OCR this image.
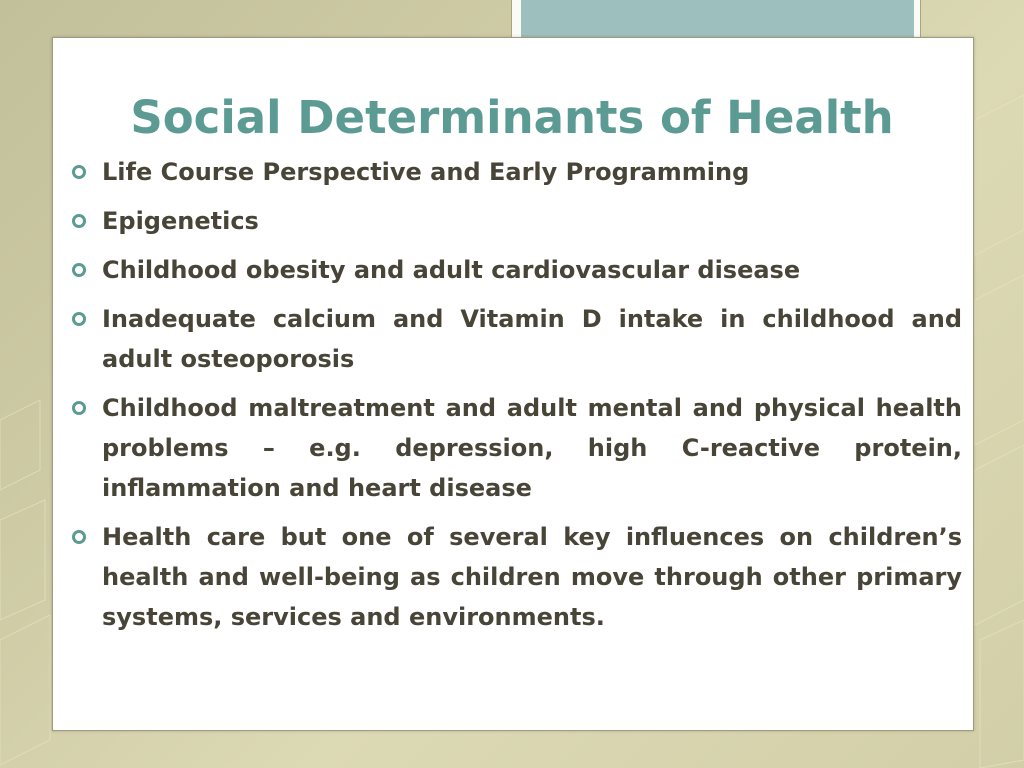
Social Determinants of Health
Life Course Perspective and Early Programming
Epigenetics
Childhood obesity and adult cardiovascular disease
Inadequate calcium and Vitamin D intake in childhood and adult osteoporosis
Childhood maltreatment and adult mental and physical health problems – e.g. depression, high C-reactive protein, inflammation and heart disease
Health care but one of several key influences on children’s health and well-being as children move through other primary systems, services and environments.
